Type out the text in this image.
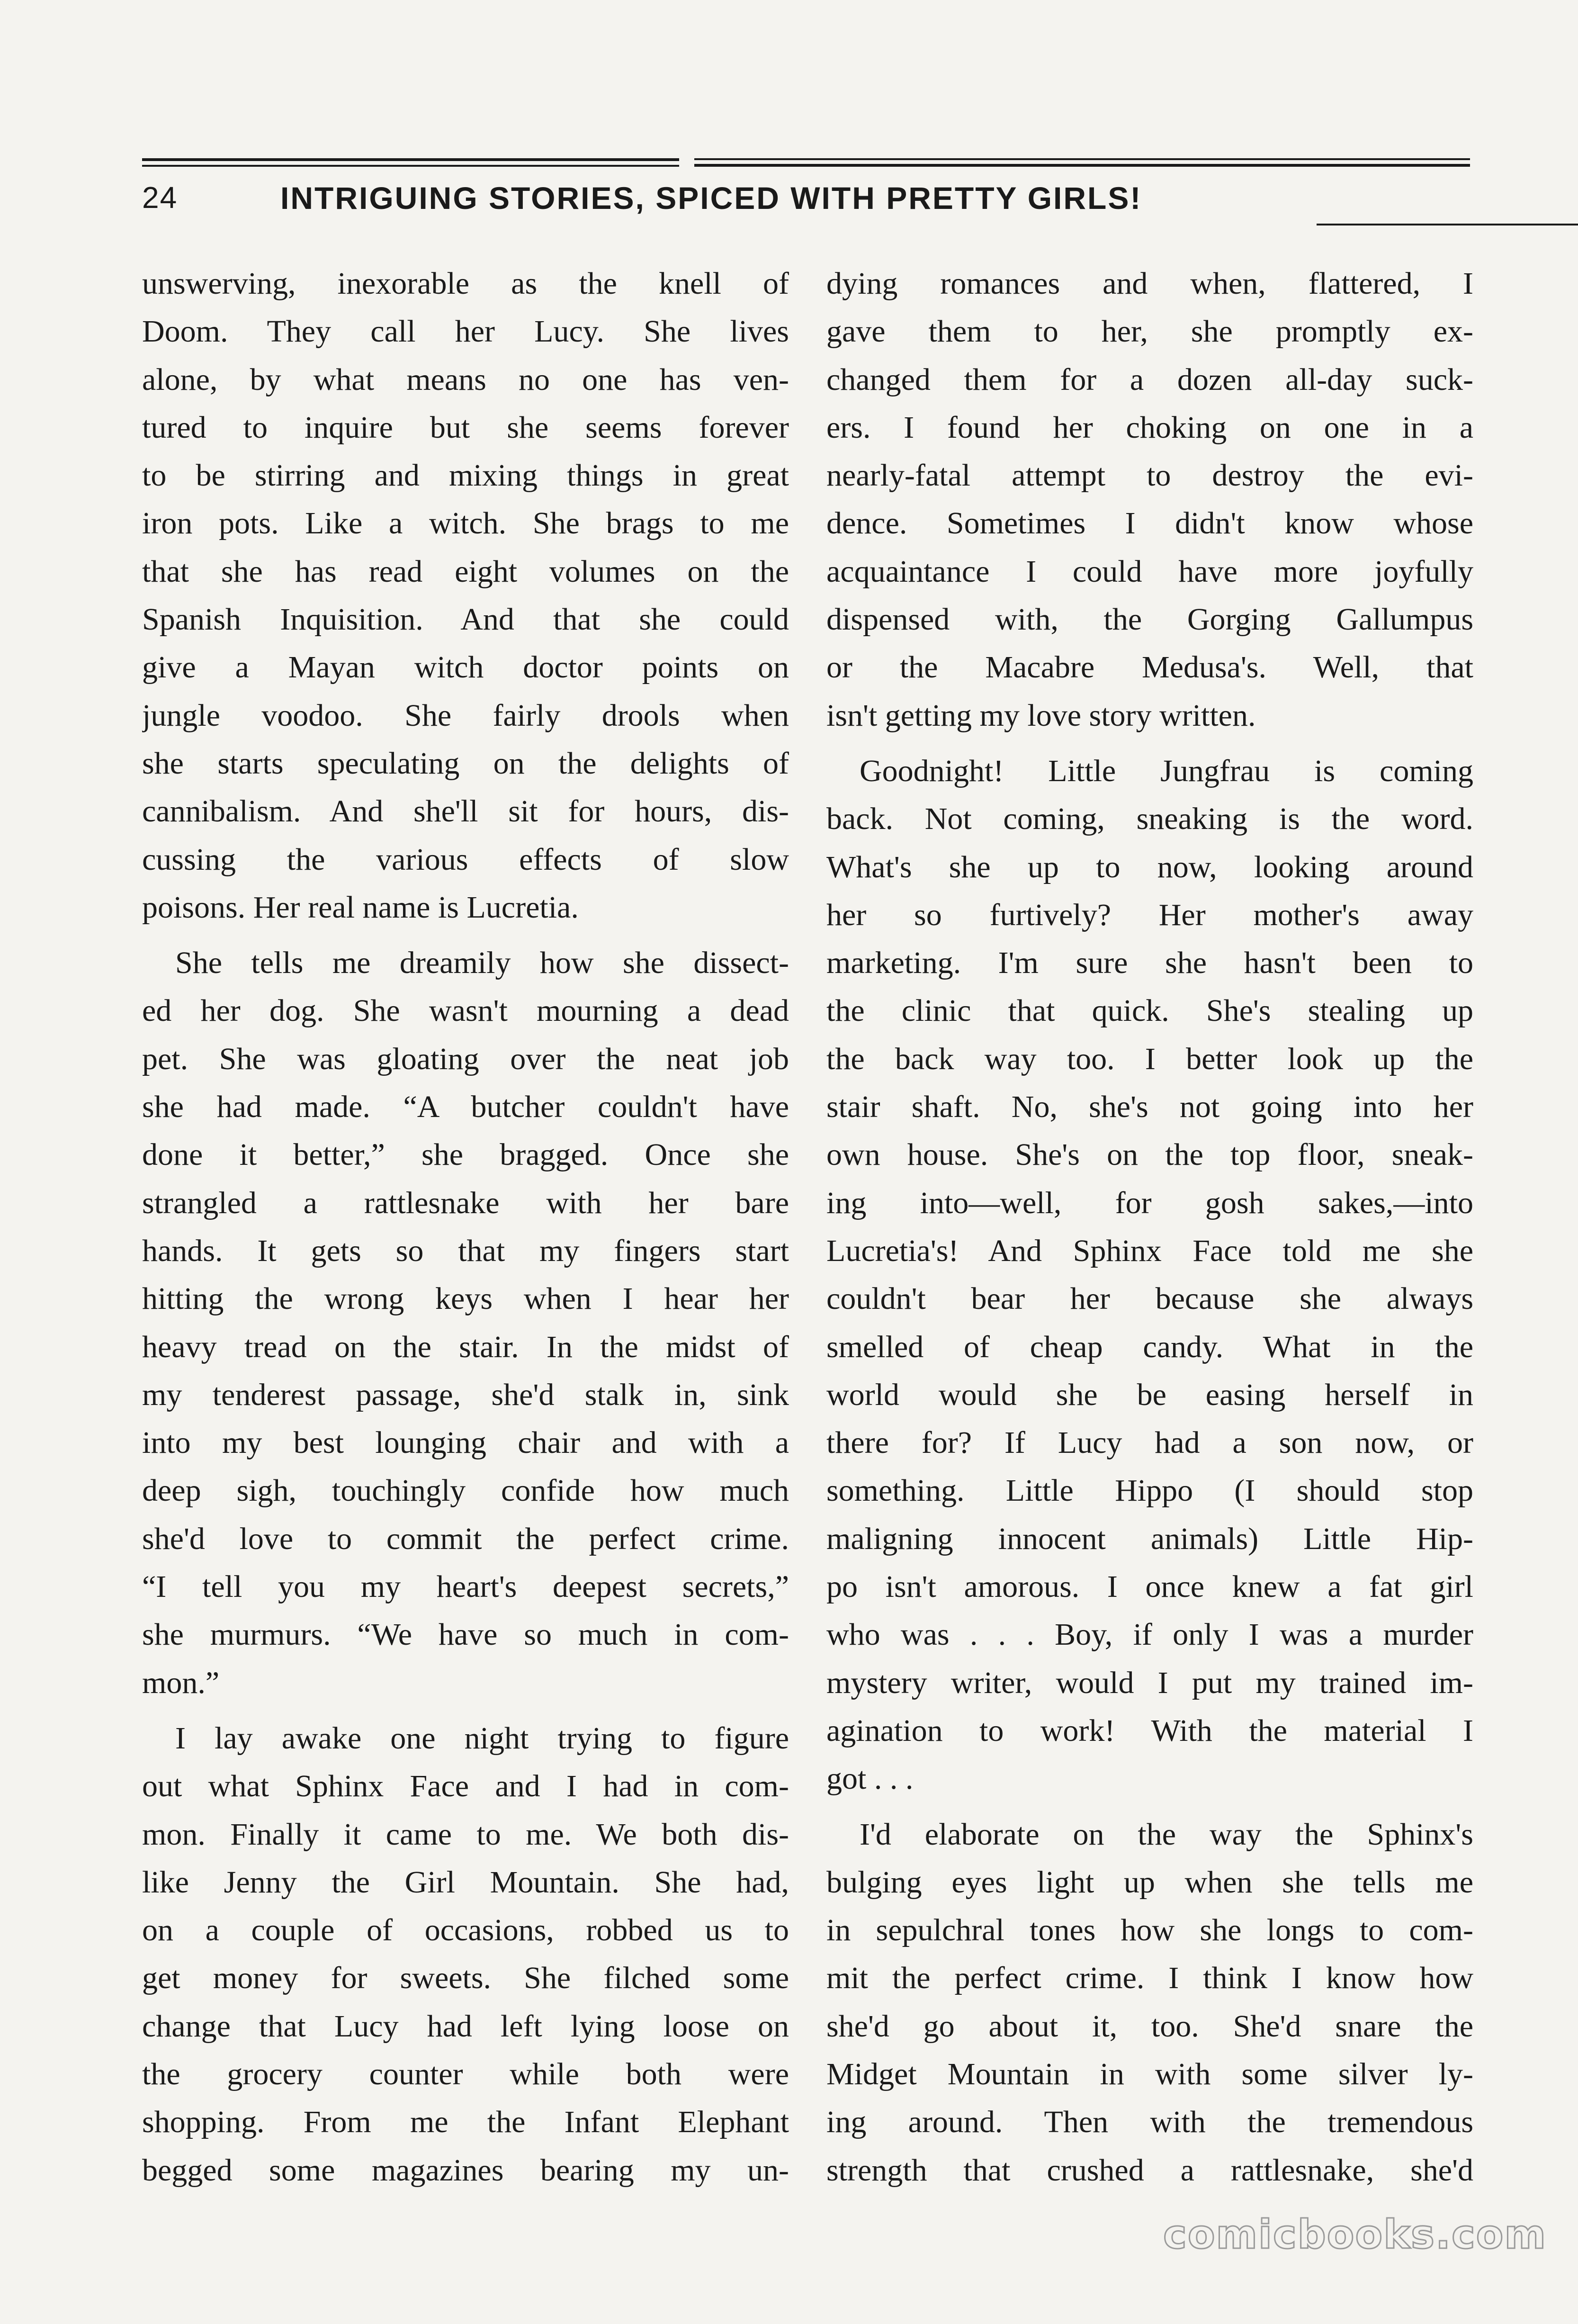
24	INTRIGUING STORIES, SPICED WITH PRETTY GIRLS!
unswerving, inexorable as the knell of
Doom. They call her Lucy. She lives
alone, by what means no one has ven-
tured to inquire but she seems forever
to be stirring and mixing things in great
iron pots. Like a witch. She brags to me
that she has read eight volumes on the
Spanish Inquisition. And that she could
give a Mayan witch doctor points on
jungle voodoo. She fairly drools when
she starts speculating on the delights of
cannibalism. And she'll sit for hours, dis-
cussing the various effects of slow
poisons. Her real name is Lucretia.
She tells me dreamily how she dissect-
ed her dog. She wasn't mourning a dead
pet. She was gloating over the neat job
she had made. “A butcher couldn't have
done it better,” she bragged. Once she
strangled a rattlesnake with her bare
hands. It gets so that my fingers start
hitting the wrong keys when I hear her
heavy tread on the stair. In the midst of
my tenderest passage, she'd stalk in, sink
into my best lounging chair and with a
deep sigh, touchingly confide how much
she'd love to commit the perfect crime.
“I tell you my heart's deepest secrets,”
she murmurs. “We have so much in com-
mon.”
I lay awake one night trying to figure
out what Sphinx Face and I had in com-
mon. Finally it came to me. We both dis-
like Jenny the Girl Mountain. She had,
on a couple of occasions, robbed us to
get money for sweets. She filched some
change that Lucy had left lying loose on
the grocery counter while both were
shopping. From me the Infant Elephant
begged some magazines bearing my un-
dying romances and when, flattered, I
gave them to her, she promptly ex-
changed them for a dozen all-day suck-
ers. I found her choking on one in a
nearly-fatal attempt to destroy the evi-
dence. Sometimes I didn't know whose
acquaintance I could have more joyfully
dispensed with, the Gorging Gallumpus
or the Macabre Medusa's. Well, that
isn't getting my love story written.
Goodnight! Little Jungfrau is coming
back. Not coming, sneaking is the word.
What's she up to now, looking around
her so furtively? Her mother's away
marketing. I'm sure she hasn't been to
the clinic that quick. She's stealing up
the back way too. I better look up the
stair shaft. No, she's not going into her
own house. She's on the top floor, sneak-
ing into—well, for gosh sakes,—into
Lucretia's! And Sphinx Face told me she
couldn't bear her because she always
smelled of cheap candy. What in the
world would she be easing herself in
there for? If Lucy had a son now, or
something. Little Hippo (I should stop
maligning innocent animals) Little Hip-
po isn't amorous. I once knew a fat girl
who was . . . Boy, if only I was a murder
mystery writer, would I put my trained im-
agination to work! With the material I
got . . .
I'd elaborate on the way the Sphinx's
bulging eyes light up when she tells me
in sepulchral tones how she longs to com-
mit the perfect crime. I think I know how
she'd go about it, too. She'd snare the
Midget Mountain in with some silver ly-
ing around. Then with the tremendous
strength that crushed a rattlesnake, she'd
comicbooks.com
